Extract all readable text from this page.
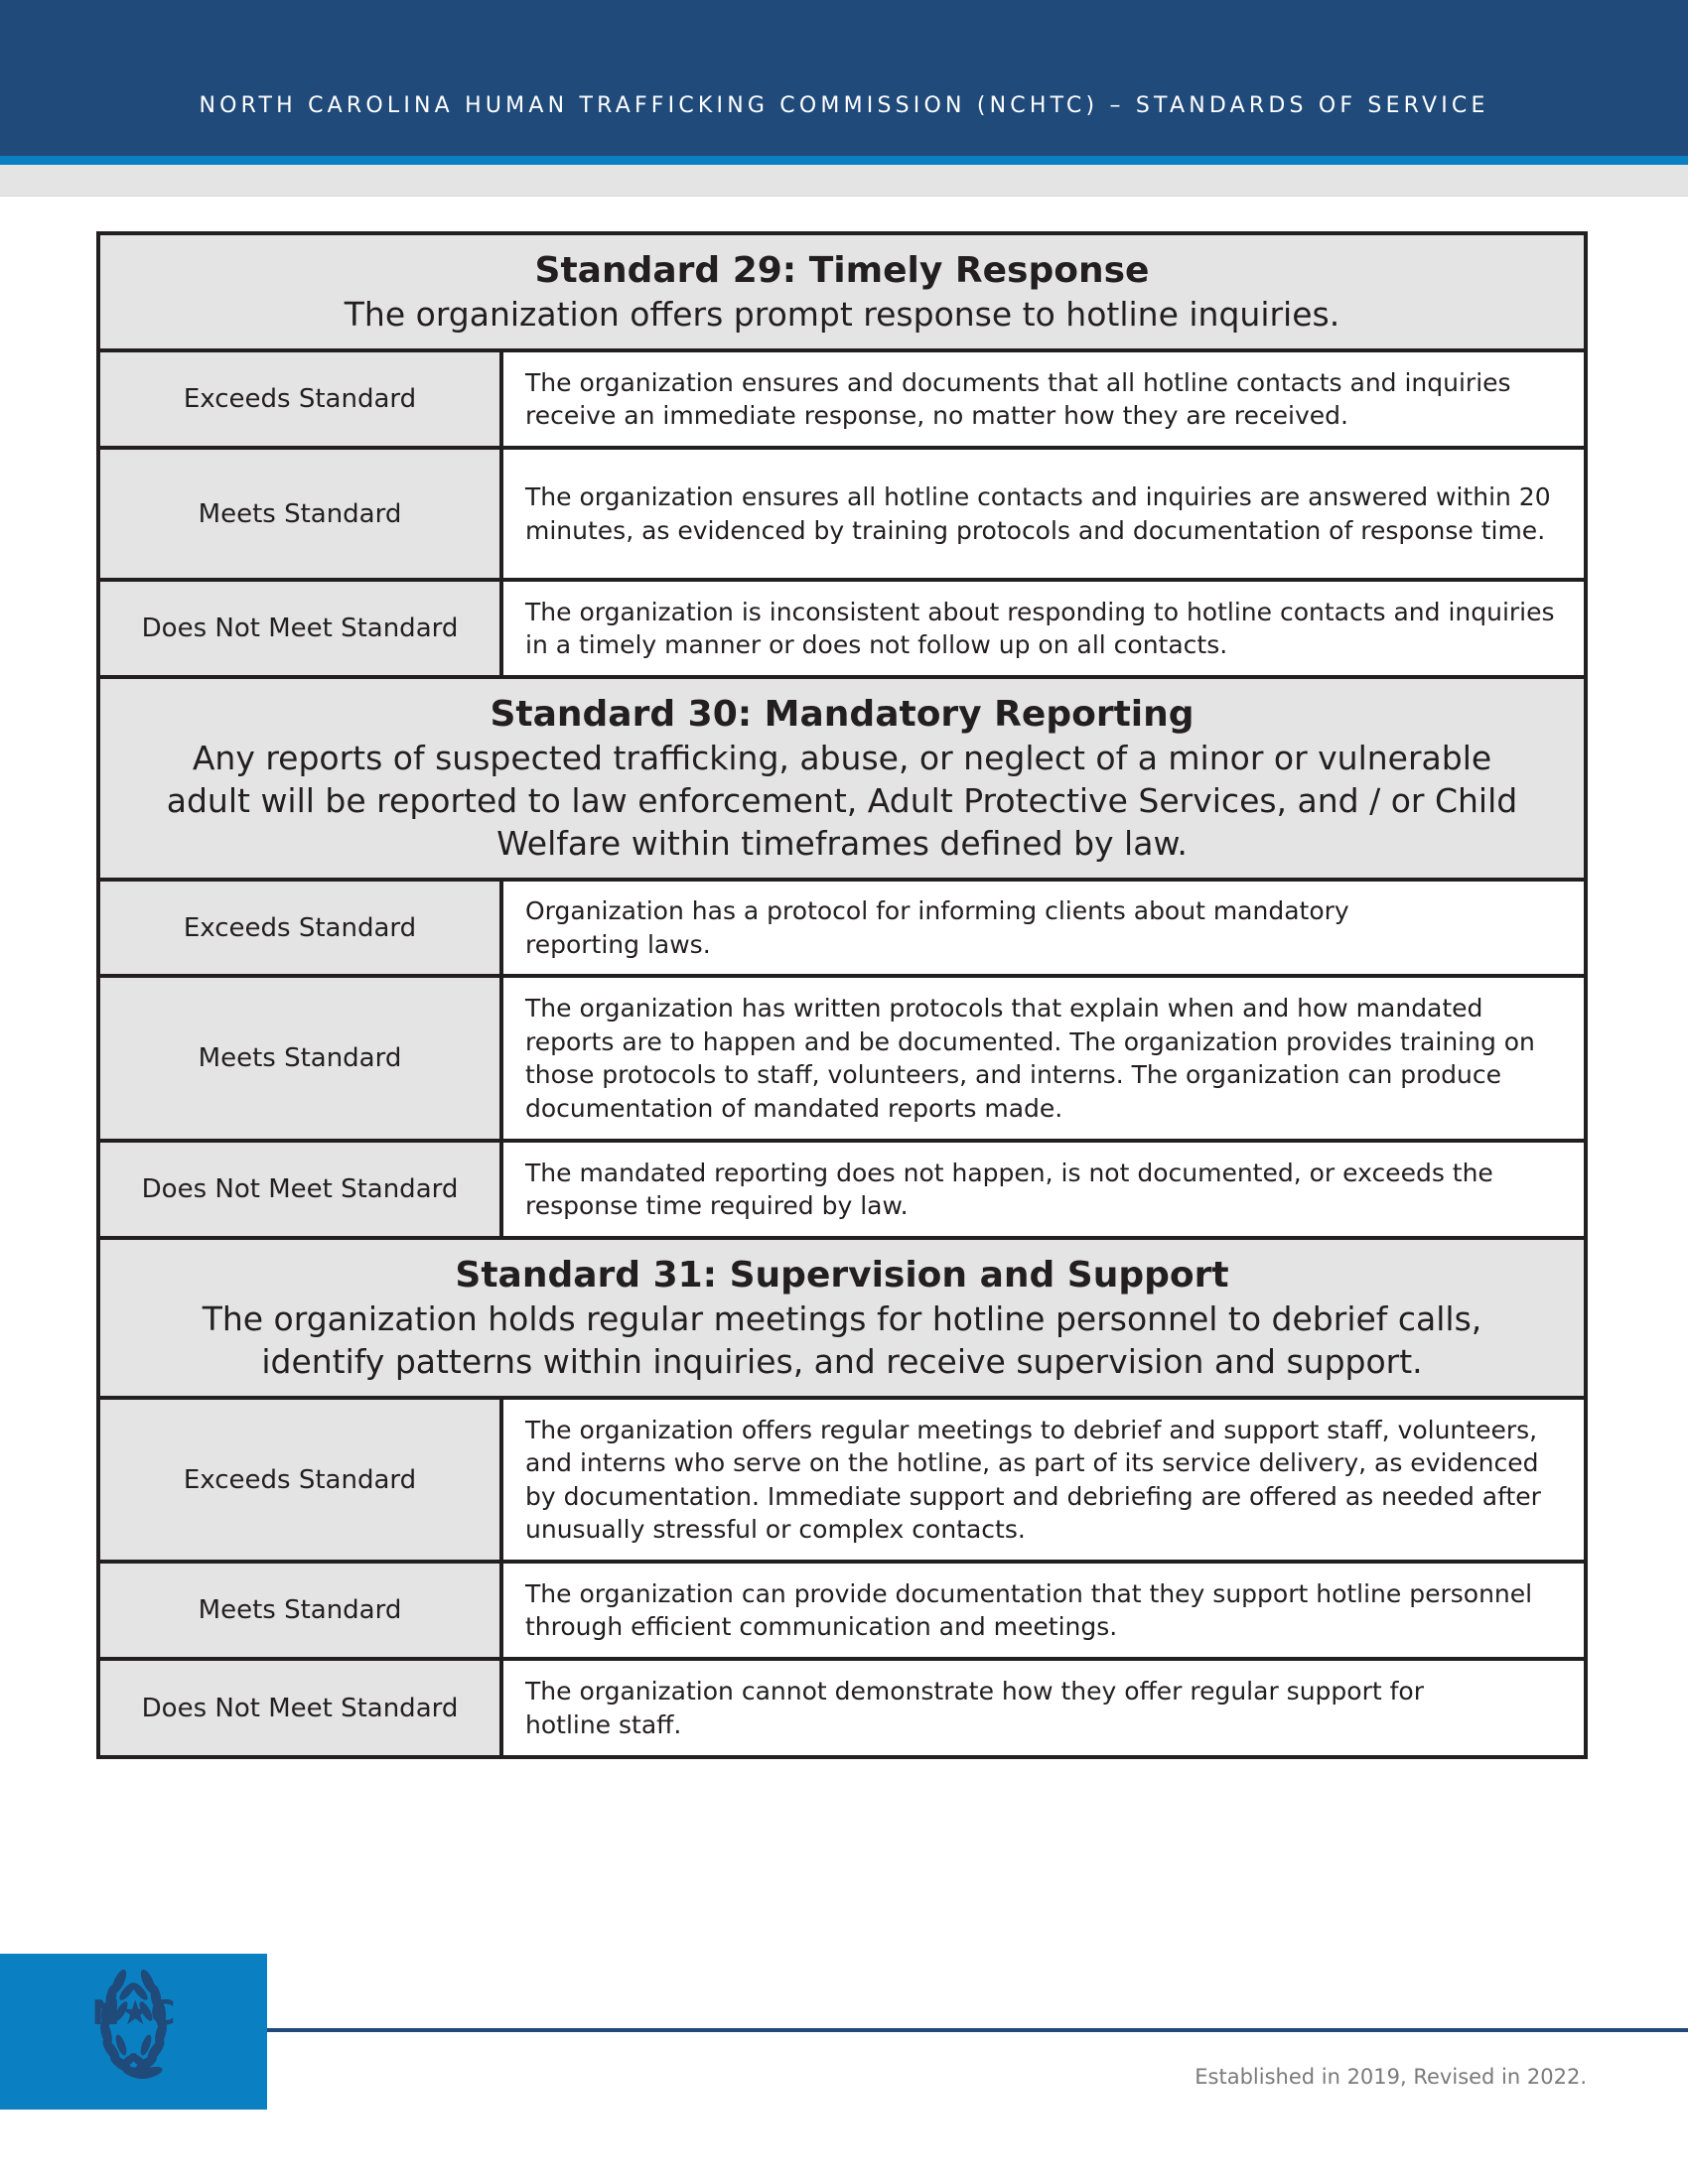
NORTH CAROLINA HUMAN TRAFFICKING COMMISSION (NCHTC) – STANDARDS OF SERVICE
Standard 29: Timely Response
The organization offers prompt response to hotline inquiries.
Exceeds Standard
The organization ensures and documents that all hotline contacts and inquiries receive an immediate response, no matter how they are received.
Meets Standard
The organization ensures all hotline contacts and inquiries are answered within 20 minutes, as evidenced by training protocols and documentation of response time.
Does Not Meet Standard
The organization is inconsistent about responding to hotline contacts and inquiries in a timely manner or does not follow up on all contacts.
Standard 30: Mandatory Reporting
Any reports of suspected trafficking, abuse, or neglect of a minor or vulnerable adult will be reported to law enforcement, Adult Protective Services, and / or Child Welfare within timeframes defined by law.
Exceeds Standard
Organization has a protocol for informing clients about mandatory reporting laws.
Meets Standard
The organization has written protocols that explain when and how mandated reports are to happen and be documented. The organization provides training on those protocols to staff, volunteers, and interns. The organization can produce documentation of mandated reports made.
Does Not Meet Standard
The mandated reporting does not happen, is not documented, or exceeds the response time required by law.
Standard 31: Supervision and Support
The organization holds regular meetings for hotline personnel to debrief calls, identify patterns within inquiries, and receive supervision and support.
Exceeds Standard
The organization offers regular meetings to debrief and support staff, volunteers, and interns who serve on the hotline, as part of its service delivery, as evidenced by documentation. Immediate support and debriefing are offered as needed after unusually stressful or complex contacts.
Meets Standard
The organization can provide documentation that they support hotline personnel through efficient communication and meetings.
Does Not Meet Standard
The organization cannot demonstrate how they offer regular support for hotline staff.
N★C
Established in 2019, Revised in 2022.
